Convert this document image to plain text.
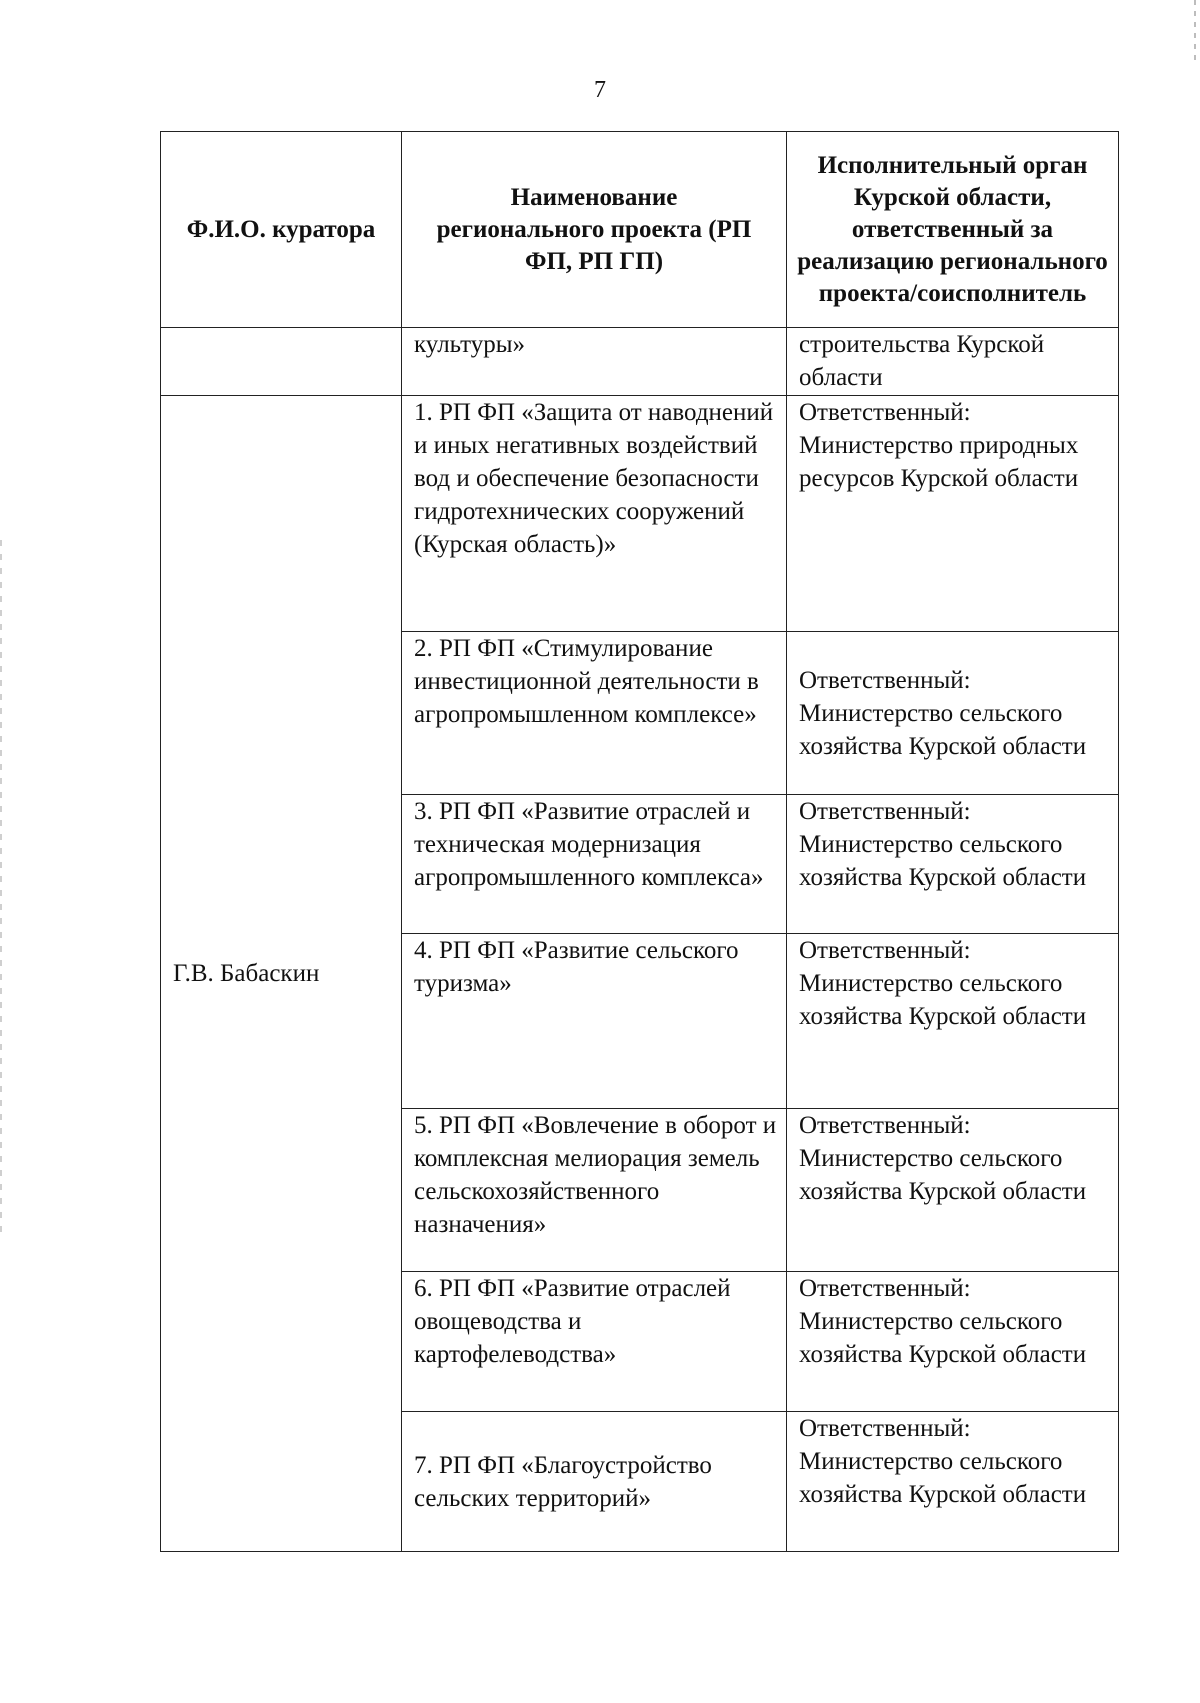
7
Ф.И.О. куратора	Наименование регионального проекта (РП ФП, РП ГП)	Исполнительный орган Курской области, ответственный за реализацию регионального проекта/соисполнитель
	культуры»	строительства Курской области
Г.В. Бабаскин	1. РП ФП «Защита от наводнений и иных негативных воздействий вод и обеспечение безопасности гидротехнических сооружений (Курская область)»	Ответственный: Министерство природных ресурсов Курской области
	2. РП ФП «Стимулирование инвестиционной деятельности в агропромышленном комплексе»	Ответственный: Министерство сельского хозяйства Курской области
	3. РП ФП «Развитие отраслей и техническая модернизация агропромышленного комплекса»	Ответственный: Министерство сельского хозяйства Курской области
	4. РП ФП «Развитие сельского туризма»	Ответственный: Министерство сельского хозяйства Курской области
	5. РП ФП «Вовлечение в оборот и комплексная мелиорация земель сельскохозяйственного назначения»	Ответственный: Министерство сельского хозяйства Курской области
	6. РП ФП «Развитие отраслей овощеводства и картофелеводства»	Ответственный: Министерство сельского хозяйства Курской области
	7. РП ФП «Благоустройство сельских территорий»	Ответственный: Министерство сельского хозяйства Курской области
